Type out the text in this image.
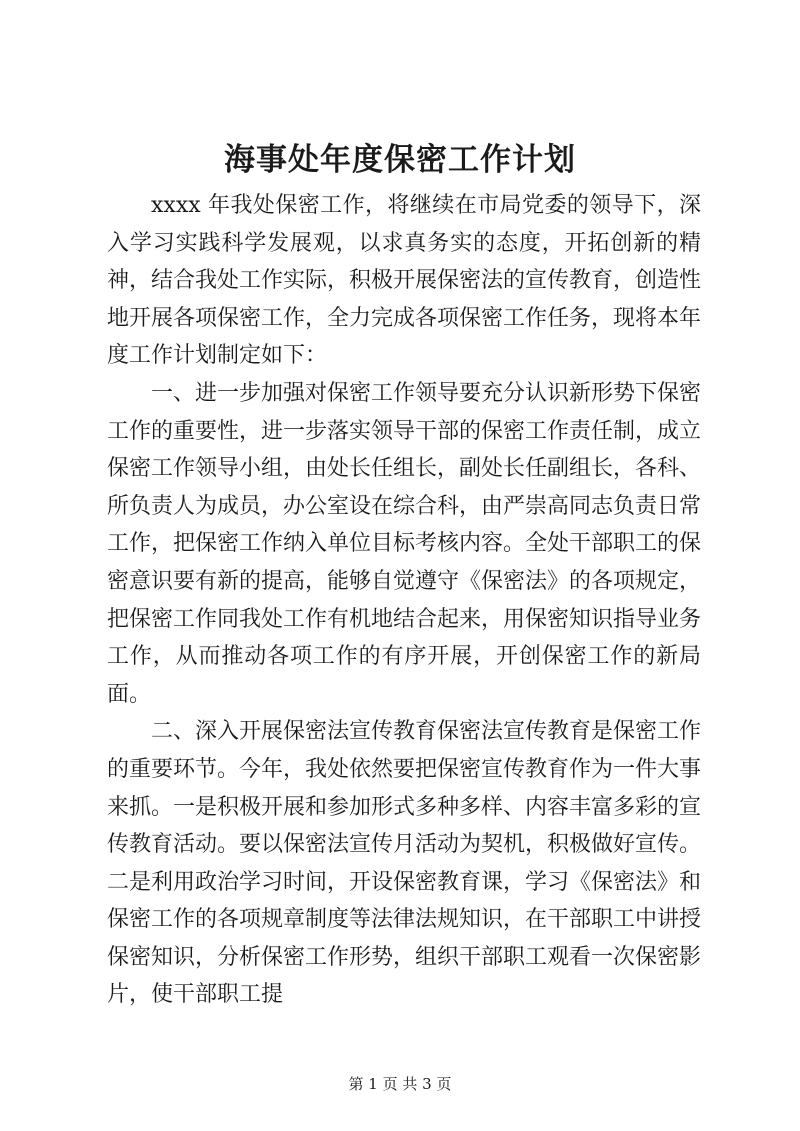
海事处年度保密工作计划

xxxx 年我处保密工作，将继续在市局党委的领导下，深入学习实践科学发展观，以求真务实的态度，开拓创新的精神，结合我处工作实际，积极开展保密法的宣传教育，创造性地开展各项保密工作，全力完成各项保密工作任务，现将本年度工作计划制定如下：

一、进一步加强对保密工作领导要充分认识新形势下保密工作的重要性，进一步落实领导干部的保密工作责任制，成立保密工作领导小组，由处长任组长，副处长任副组长，各科、所负责人为成员，办公室设在综合科，由严崇高同志负责日常工作，把保密工作纳入单位目标考核内容。全处干部职工的保密意识要有新的提高，能够自觉遵守《保密法》的各项规定，把保密工作同我处工作有机地结合起来，用保密知识指导业务工作，从而推动各项工作的有序开展，开创保密工作的新局面。

二、深入开展保密法宣传教育保密法宣传教育是保密工作的重要环节。今年，我处依然要把保密宣传教育作为一件大事来抓。一是积极开展和参加形式多种多样、内容丰富多彩的宣传教育活动。要以保密法宣传月活动为契机，积极做好宣传。二是利用政治学习时间，开设保密教育课，学习《保密法》和保密工作的各项规章制度等法律法规知识，在干部职工中讲授保密知识，分析保密工作形势，组织干部职工观看一次保密影片，使干部职工提

第 1 页 共 3 页
